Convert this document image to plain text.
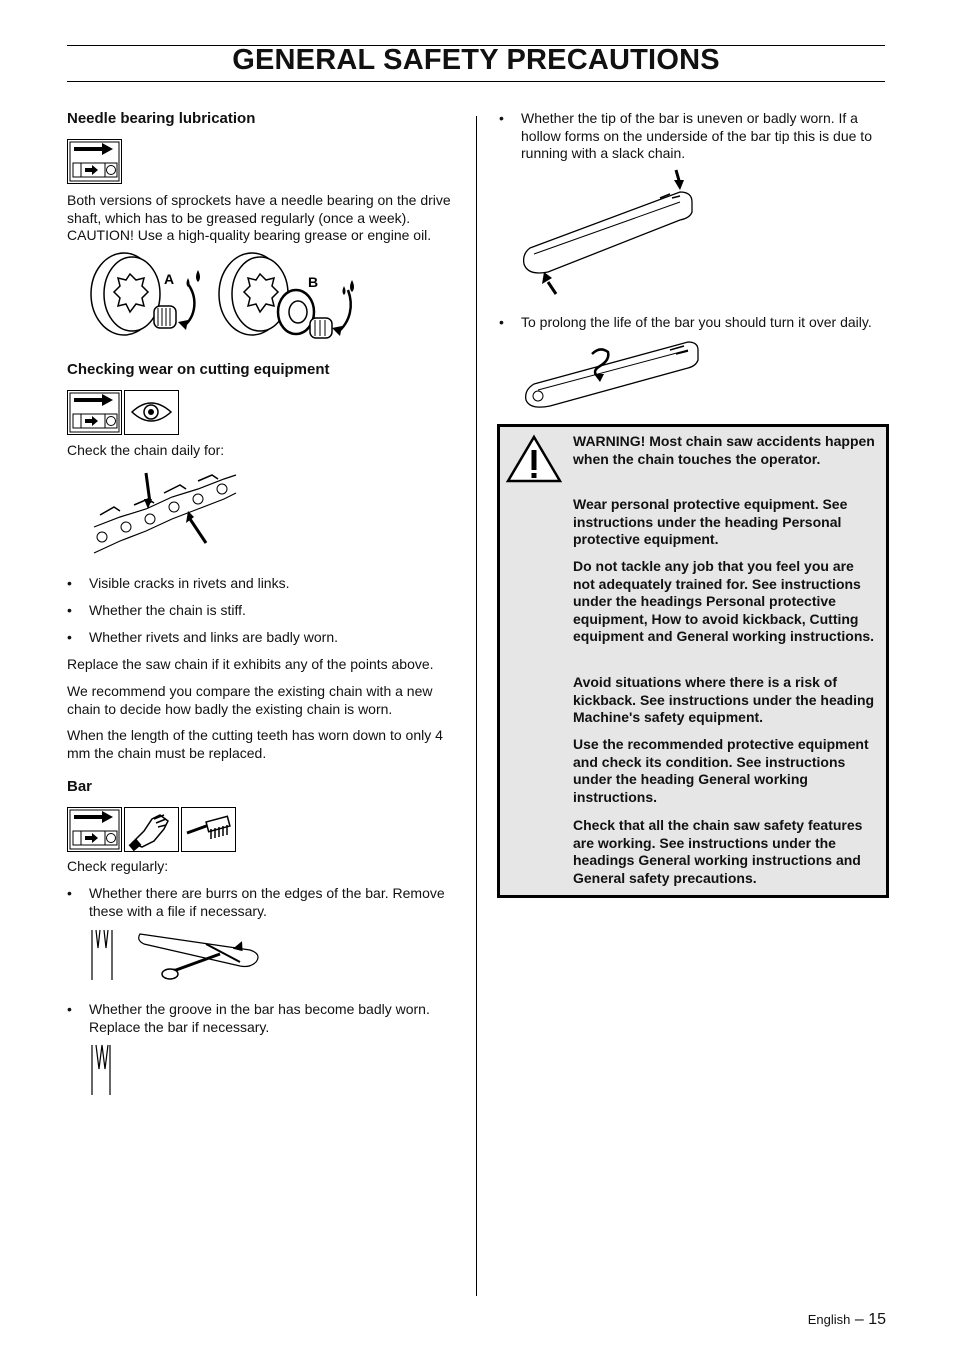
GENERAL SAFETY PRECAUTIONS
Needle bearing lubrication

Both versions of sprockets have a needle bearing on the drive shaft, which has to be greased regularly (once a week). CAUTION! Use a high-quality bearing grease or engine oil.

A	B
Checking wear on cutting equipment

Check the chain daily for:

• Visible cracks in rivets and links.
• Whether the chain is stiff.
• Whether rivets and links are badly worn.

Replace the saw chain if it exhibits any of the points above.

We recommend you compare the existing chain with a new chain to decide how badly the existing chain is worn.

When the length of the cutting teeth has worn down to only 4 mm the chain must be replaced.

Bar

Check regularly:

• Whether there are burrs on the edges of the bar. Remove these with a file if necessary.
• Whether the groove in the bar has become badly worn. Replace the bar if necessary.
• Whether the tip of the bar is uneven or badly worn. If a hollow forms on the underside of the bar tip this is due to running with a slack chain.
• To prolong the life of the bar you should turn it over daily.

WARNING! Most chain saw accidents happen when the chain touches the operator.

Wear personal protective equipment. See instructions under the heading Personal protective equipment.

Do not tackle any job that you feel you are not adequately trained for. See instructions under the headings Personal protective equipment, How to avoid kickback, Cutting equipment and General working instructions.

Avoid situations where there is a risk of kickback. See instructions under the heading Machine's safety equipment.

Use the recommended protective equipment and check its condition. See instructions under the heading General working instructions.

Check that all the chain saw safety features are working. See instructions under the headings General working instructions and General safety precautions.

English – 15
